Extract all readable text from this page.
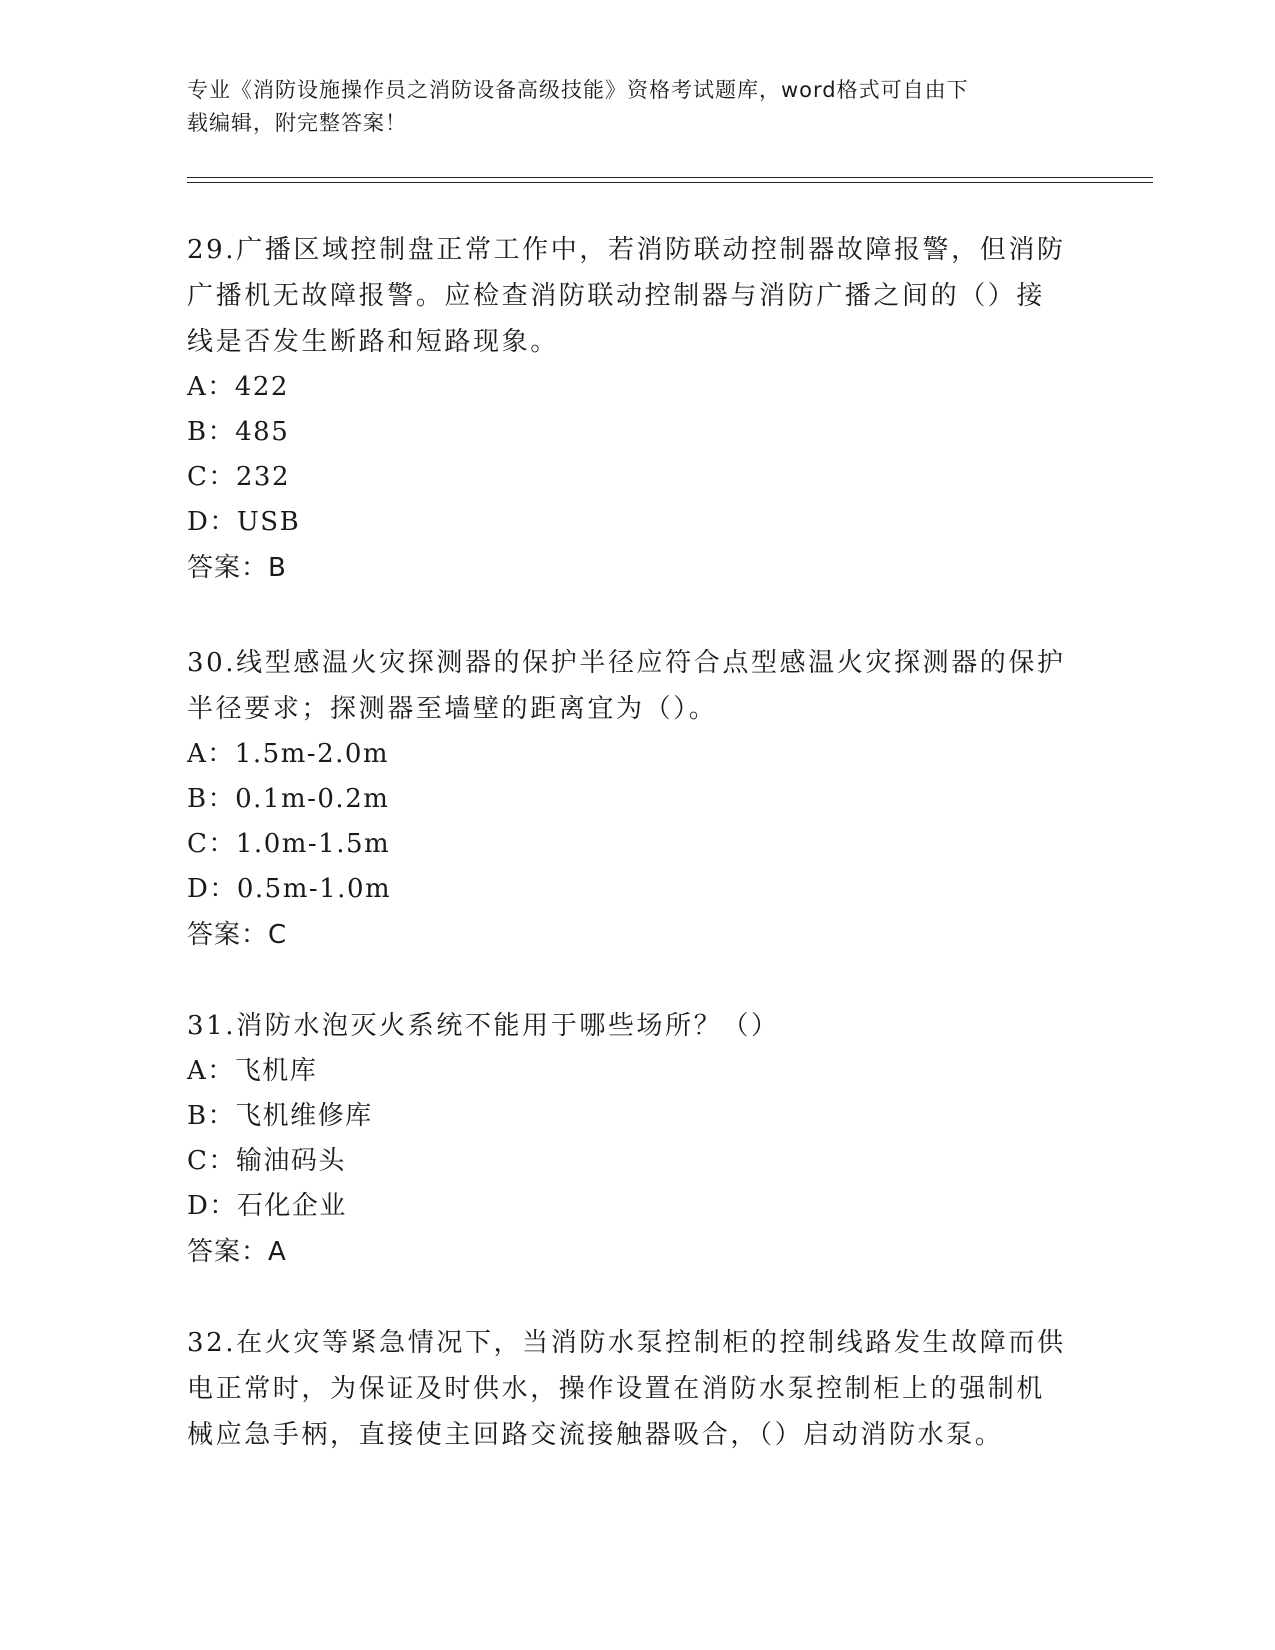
专业《消防设施操作员之消防设备高级技能》资格考试题库，word格式可自由下
载编辑，附完整答案！
29.广播区域控制盘正常工作中，若消防联动控制器故障报警，但消防
广播机无故障报警。应检查消防联动控制器与消防广播之间的（）接
线是否发生断路和短路现象。
A：422
B：485
C：232
D：USB
答案：B
30.线型感温火灾探测器的保护半径应符合点型感温火灾探测器的保护
半径要求；探测器至墙壁的距离宜为（）。
A：1.5m-2.0m
B：0.1m-0.2m
C：1.0m-1.5m
D：0.5m-1.0m
答案：C
31.消防水泡灭火系统不能用于哪些场所？（）
A：飞机库
B：飞机维修库
C：输油码头
D：石化企业
答案：A
32.在火灾等紧急情况下，当消防水泵控制柜的控制线路发生故障而供
电正常时，为保证及时供水，操作设置在消防水泵控制柜上的强制机
械应急手柄，直接使主回路交流接触器吸合，（）启动消防水泵。
